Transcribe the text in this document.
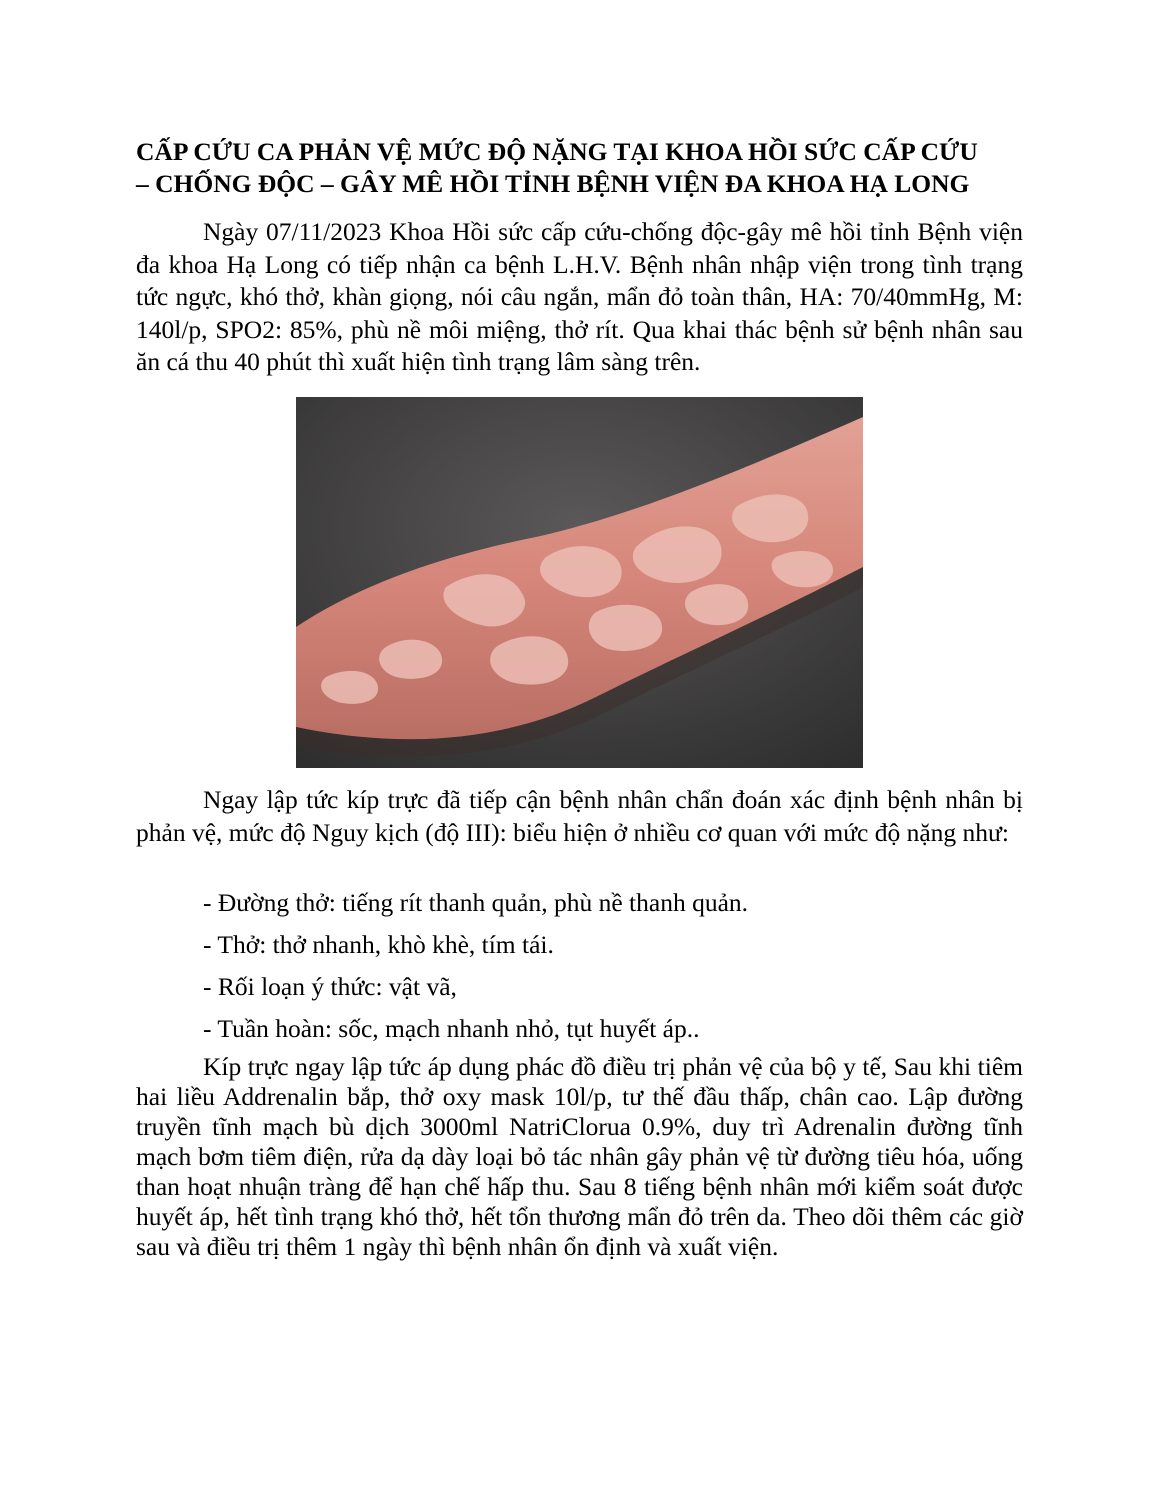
CẤP CỨU CA PHẢN VỆ MỨC ĐỘ NẶNG TẠI KHOA HỒI SỨC CẤP CỨU
– CHỐNG ĐỘC – GÂY MÊ HỒI TỈNH BỆNH VIỆN ĐA KHOA HẠ LONG

Ngày 07/11/2023 Khoa Hồi sức cấp cứu-chống độc-gây mê hồi tỉnh Bệnh viện đa khoa Hạ Long có tiếp nhận ca bệnh L.H.V. Bệnh nhân nhập viện trong tình trạng tức ngực, khó thở, khàn giọng, nói câu ngắn, mẩn đỏ toàn thân, HA: 70/40mmHg, M: 140l/p, SPO2: 85%, phù nề môi miệng, thở rít. Qua khai thác bệnh sử bệnh nhân sau ăn cá thu 40 phút thì xuất hiện tình trạng lâm sàng trên.

Ngay lập tức kíp trực đã tiếp cận bệnh nhân chẩn đoán xác định bệnh nhân bị phản vệ, mức độ Nguy kịch (độ III): biểu hiện ở nhiều cơ quan với mức độ nặng như:

- Đường thở: tiếng rít thanh quản, phù nề thanh quản.
- Thở: thở nhanh, khò khè, tím tái.
- Rối loạn ý thức: vật vã,
- Tuần hoàn: sốc, mạch nhanh nhỏ, tụt huyết áp..

Kíp trực ngay lập tức áp dụng phác đồ điều trị phản vệ của bộ y tế, Sau khi tiêm hai liều Addrenalin bắp, thở oxy mask 10l/p, tư thế đầu thấp, chân cao. Lập đường truyền tĩnh mạch bù dịch 3000ml NatriClorua 0.9%, duy trì Adrenalin đường tĩnh mạch bơm tiêm điện, rửa dạ dày loại bỏ tác nhân gây phản vệ từ đường tiêu hóa, uống than hoạt nhuận tràng để hạn chế hấp thu. Sau 8 tiếng bệnh nhân mới kiểm soát được huyết áp, hết tình trạng khó thở, hết tổn thương mẩn đỏ trên da. Theo dõi thêm các giờ sau và điều trị thêm 1 ngày thì bệnh nhân ổn định và xuất viện.
